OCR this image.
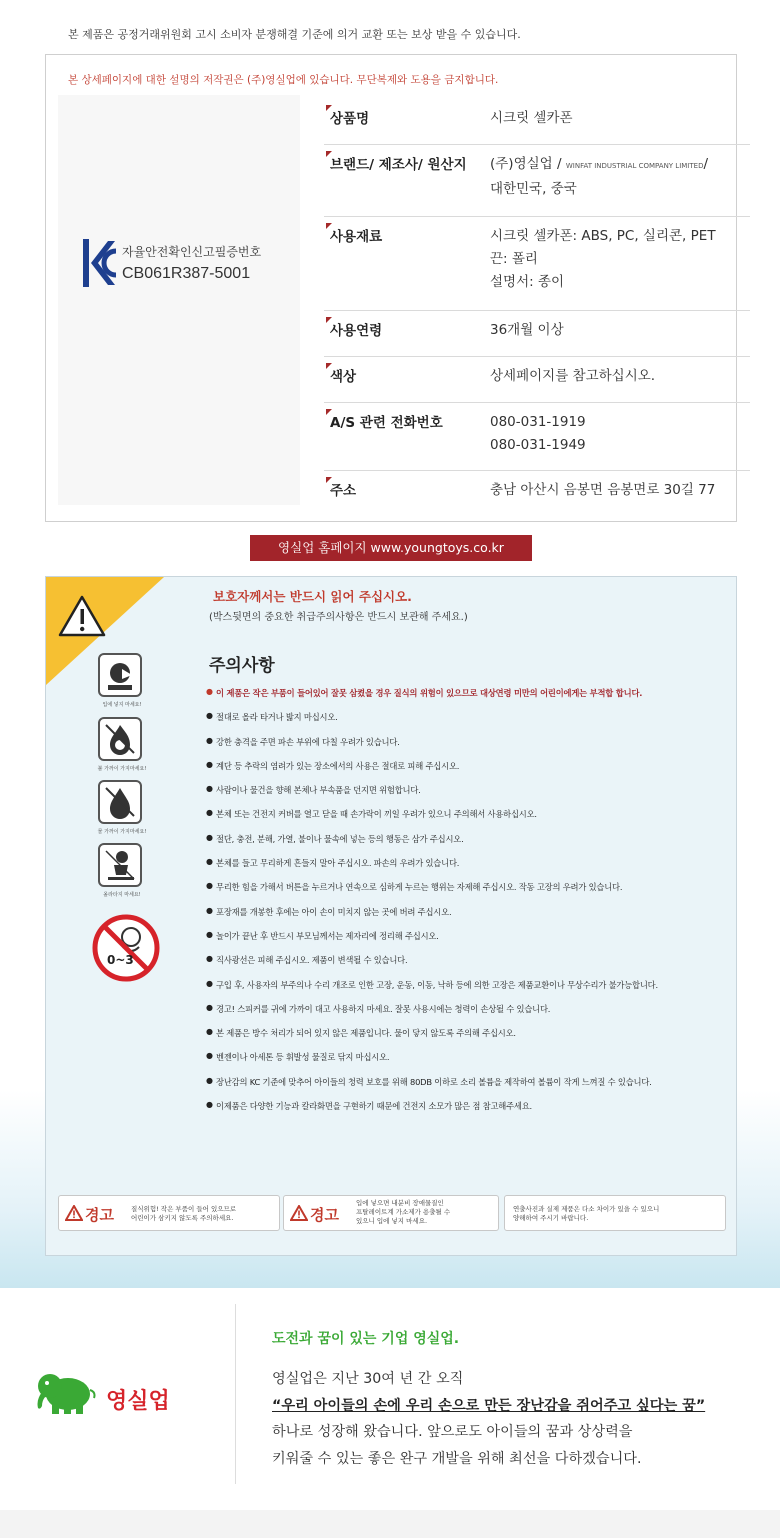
본 제품은 공정거래위원회 고시 소비자 분쟁해결 기준에 의거 교환 또는 보상 받을 수 있습니다.
본 상세페이지에 대한 설명의 저작권은 (주)영실업에 있습니다. 무단복제와 도용을 금지합니다.
자율안전확인신고필증번호
CB061R387-5001
상품명	시크릿 셀카폰
브랜드/ 제조사/ 원산지 (주)영실업 / WINFAT INDUSTRIAL COMPANY LIMITED/
대한민국, 중국
사용재료	시크릿 셀카폰: ABS, PC, 실리콘, PET
끈: 폴리
설명서: 종이
사용연령	36개월 이상
색상	상세페이지를 참고하십시오.
A/S 관련 전화번호	080-031-1919
080-031-1949
주소	충남 아산시 음봉면 음봉면로 30길 77
영실업 홈페이지 www.youngtoys.co.kr
보호자께서는 반드시 읽어 주십시오.
(박스뒷면의 중요한 취급주의사항은 반드시 보관해 주세요.)
주의사항
입에 넣지 마세요!
불 가까이 가지마세요!
물 가까이 가지마세요!
올라타지 마세요!
0~3
● 이 제품은 작은 부품이 들어있어 잘못 삼켰을 경우 질식의 위험이 있으므로 대상연령 미만의 어린이에게는 부적합 합니다.
● 절대로 올라 타거나 밟지 마십시오.
● 강한 충격을 주면 파손 부위에 다칠 우려가 있습니다.
● 계단 등 추락의 염려가 있는 장소에서의 사용은 절대로 피해 주십시오.
● 사람이나 물건을 향해 본체나 부속품을 던지면 위험합니다.
● 본체 또는 건전지 커버를 열고 닫을 때 손가락이 끼일 우려가 있으니 주의해서 사용하십시오.
● 절단, 충전, 분해, 가열, 불이나 물속에 넣는 등의 행동은 삼가 주십시오.
● 본체를 들고 무리하게 흔들지 말아 주십시오. 파손의 우려가 있습니다.
● 무리한 힘을 가해서 버튼을 누르거나 연속으로 심하게 누르는 행위는 자제해 주십시오. 작동 고장의 우려가 있습니다.
● 포장재를 개봉한 후에는 아이 손이 미치지 않는 곳에 버려 주십시오.
● 놀이가 끝난 후 반드시 부모님께서는 제자리에 정리해 주십시오.
● 직사광선은 피해 주십시오. 제품이 변색될 수 있습니다.
● 구입 후, 사용자의 부주의나 수리 개조로 인한 고장, 운동, 이동, 낙하 등에 의한 고장은 제품교환이나 무상수리가 불가능합니다.
● 경고! 스피커를 귀에 가까이 대고 사용하지 마세요. 잘못 사용시에는 청력이 손상될 수 있습니다.
● 본 제품은 방수 처리가 되어 있지 않은 제품입니다. 물이 닿지 않도록 주의해 주십시오.
● 벤젠이나 아세톤 등 휘발성 물질로 닦지 마십시오.
● 장난감의 KC 기준에 맞추어 아이들의 청력 보호를 위해 80DB 이하로 소리 볼륨을 제작하여 볼륨이 작게 느껴질 수 있습니다.
● 이제품은 다양한 기능과 칼라화면을 구현하기 때문에 건전지 소모가 많은 점 참고해주세요.
경고	질식위험! 작은 부품이 들어 있으므로
어린이가 삼키지 않도록 주의하세요.	경고
입에 넣으면 내분비 장애물질인
프탈레이트계 가소제가 용출될 수
있으니 입에 넣지 마세요.
연출사진과 실제 제품은 다소 차이가 있을 수 있으니
양해하여 주시기 바랍니다.
영실업
도전과 꿈이 있는 기업 영실업.
영실업은 지난 30여 년 간 오직
“우리 아이들의 손에 우리 손으로 만든 장난감을 쥐어주고 싶다는 꿈”
하나로 성장해 왔습니다. 앞으로도 아이들의 꿈과 상상력을
키워줄 수 있는 좋은 완구 개발을 위해 최선을 다하겠습니다.
